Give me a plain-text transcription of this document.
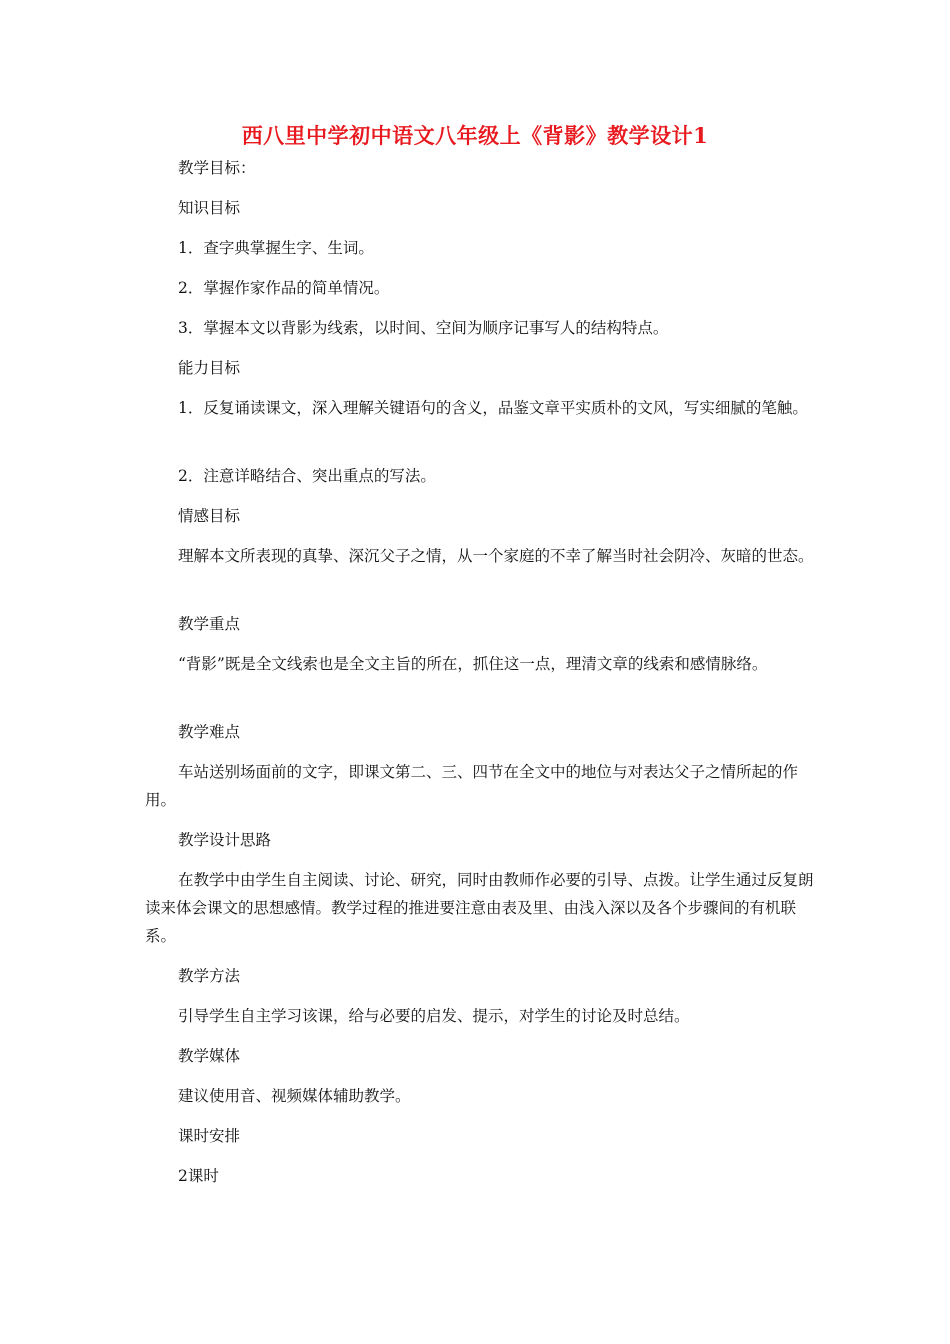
西八里中学初中语文八年级上《背影》教学设计1
教学目标：
知识目标
1．查字典掌握生字、生词。
2．掌握作家作品的简单情况。
3．掌握本文以背影为线索，以时间、空间为顺序记事写人的结构特点。
能力目标
1．反复诵读课文，深入理解关键语句的含义，品鉴文章平实质朴的文风，写实细腻的笔触。
2．注意详略结合、突出重点的写法。
情感目标
理解本文所表现的真挚、深沉父子之情，从一个家庭的不幸了解当时社会阴冷、灰暗的世态。
教学重点
“背影”既是全文线索也是全文主旨的所在，抓住这一点，理清文章的线索和感情脉络。
教学难点
车站送别场面前的文字，即课文第二、三、四节在全文中的地位与对表达父子之情所起的作用。
教学设计思路
在教学中由学生自主阅读、讨论、研究，同时由教师作必要的引导、点拨。让学生通过反复朗读来体会课文的思想感情。教学过程的推进要注意由表及里、由浅入深以及各个步骤间的有机联系。
教学方法
引导学生自主学习该课，给与必要的启发、提示，对学生的讨论及时总结。
教学媒体
建议使用音、视频媒体辅助教学。
课时安排
2课时
